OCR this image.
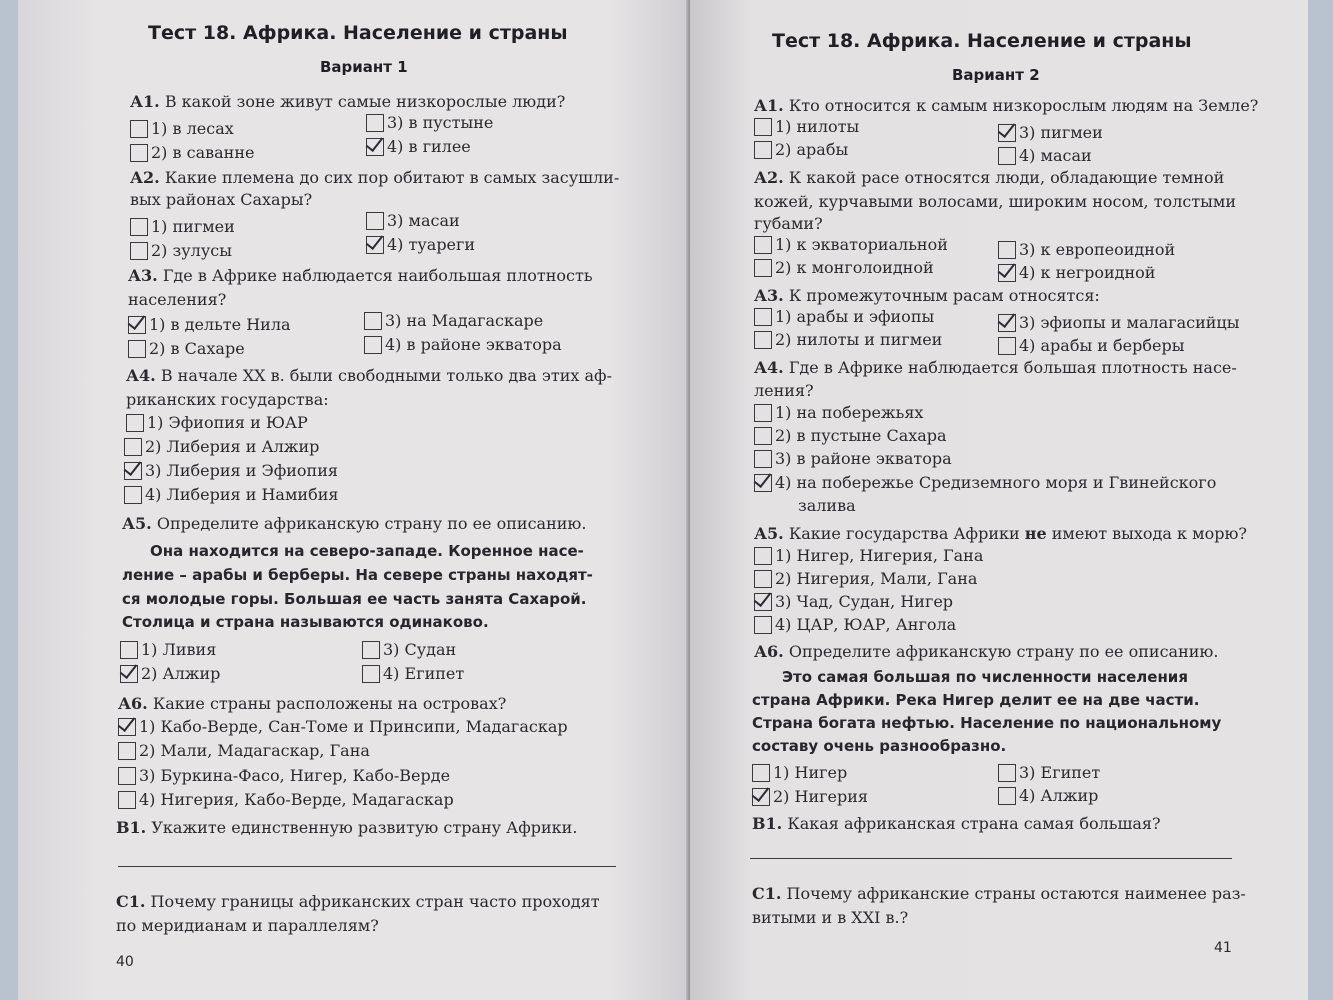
Тест 18. Африка. Население и страны
Вариант 1
А1. В какой зоне живут самые низкорослые люди?
1) в лесах
2) в саванне
3) в пустыне
4) в гилее
А2. Какие племена до сих пор обитают в самых засушли-
вых районах Сахары?
1) пигмеи
2) зулусы
3) масаи
4) туареги
А3. Где в Африке наблюдается наибольшая плотность
населения?
1) в дельте Нила
2) в Сахаре
3) на Мадагаскаре
4) в районе экватора
А4. В начале XX в. были свободными только два этих аф-
риканских государства:
1) Эфиопия и ЮАР
2) Либерия и Алжир
3) Либерия и Эфиопия
4) Либерия и Намибия
А5. Определите африканскую страну по ее описанию.
Она находится на северо-западе. Коренное насе-
ление – арабы и берберы. На севере страны находят-
ся молодые горы. Большая ее часть занята Сахарой.
Столица и страна называются одинаково.
1) Ливия
2) Алжир
3) Судан
4) Египет
А6. Какие страны расположены на островах?
1) Кабо-Верде, Сан-Томе и Принсипи, Мадагаскар
2) Мали, Мадагаскар, Гана
3) Буркина-Фасо, Нигер, Кабо-Верде
4) Нигерия, Кабо-Верде, Мадагаскар
В1. Укажите единственную развитую страну Африки.
С1. Почему границы африканских стран часто проходят
по меридианам и параллелям?
40
Тест 18. Африка. Население и страны
Вариант 2
А1. Кто относится к самым низкорослым людям на Земле?
1) нилоты
2) арабы
3) пигмеи
4) масаи
А2. К какой расе относятся люди, обладающие темной
кожей, курчавыми волосами, широким носом, толстыми
губами?
1) к экваториальной
2) к монголоидной
3) к европеоидной
4) к негроидной
А3. К промежуточным расам относятся:
1) арабы и эфиопы
2) нилоты и пигмеи
3) эфиопы и малагасийцы
4) арабы и берберы
А4. Где в Африке наблюдается большая плотность насе-
ления?
1) на побережьях
2) в пустыне Сахара
3) в районе экватора
4) на побережье Средиземного моря и Гвинейского
залива
А5. Какие государства Африки не имеют выхода к морю?
1) Нигер, Нигерия, Гана
2) Нигерия, Мали, Гана
3) Чад, Судан, Нигер
4) ЦАР, ЮАР, Ангола
А6. Определите африканскую страну по ее описанию.
Это самая большая по численности населения
страна Африки. Река Нигер делит ее на две части.
Страна богата нефтью. Население по национальному
составу очень разнообразно.
1) Нигер
2) Нигерия
3) Египет
4) Алжир
В1. Какая африканская страна самая большая?
С1. Почему африканские страны остаются наименее раз-
витыми и в XXI в.?
41
